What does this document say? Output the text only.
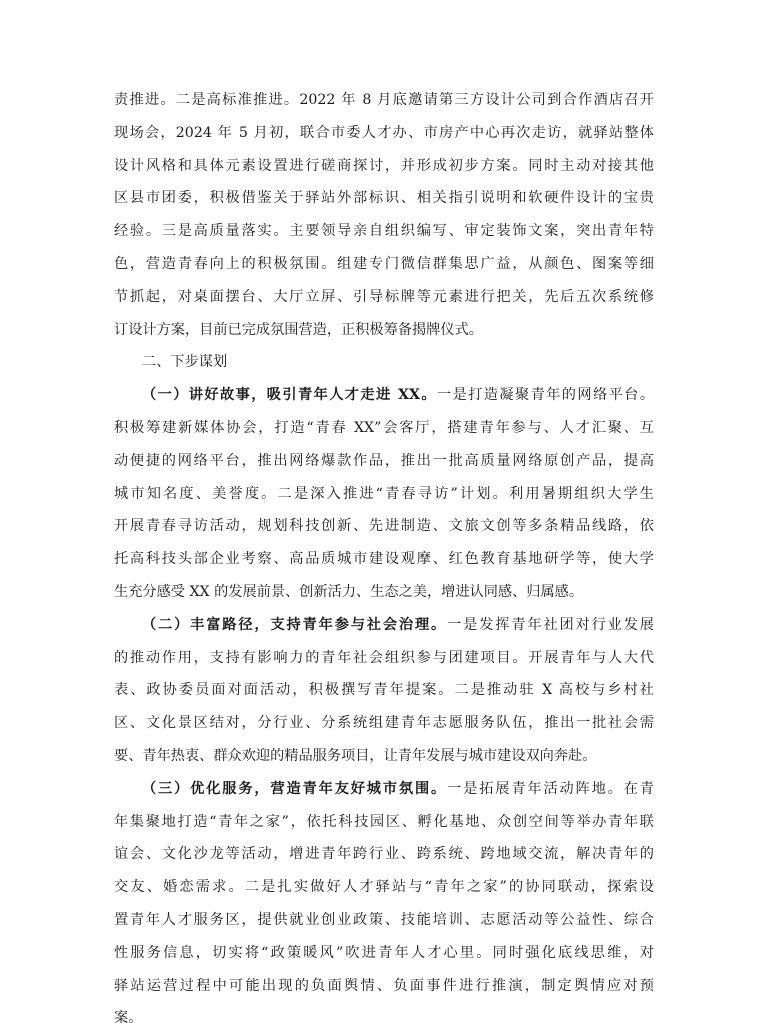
责推进。二是高标准推进。2022 年 8 月底邀请第三方设计公司到合作酒店召开
现场会，2024 年 5 月初，联合市委人才办、市房产中心再次走访，就驿站整体
设计风格和具体元素设置进行磋商探讨，并形成初步方案。同时主动对接其他
区县市团委，积极借鉴关于驿站外部标识、相关指引说明和软硬件设计的宝贵
经验。三是高质量落实。主要领导亲自组织编写、审定装饰文案，突出青年特
色，营造青春向上的积极氛围。组建专门微信群集思广益，从颜色、图案等细
节抓起，对桌面摆台、大厅立屏、引导标牌等元素进行把关，先后五次系统修
订设计方案，目前已完成氛围营造，正积极筹备揭牌仪式。
二、下步谋划
（一）讲好故事，吸引青年人才走进 XX。一是打造凝聚青年的网络平台。
积极筹建新媒体协会，打造“青春 XX”会客厅，搭建青年参与、人才汇聚、互
动便捷的网络平台，推出网络爆款作品，推出一批高质量网络原创产品，提高
城市知名度、美誉度。二是深入推进“青春寻访”计划。利用暑期组织大学生
开展青春寻访活动，规划科技创新、先进制造、文旅文创等多条精品线路，依
托高科技头部企业考察、高品质城市建设观摩、红色教育基地研学等，使大学
生充分感受 XX 的发展前景、创新活力、生态之美，增进认同感、归属感。
（二）丰富路径，支持青年参与社会治理。一是发挥青年社团对行业发展
的推动作用，支持有影响力的青年社会组织参与团建项目。开展青年与人大代
表、政协委员面对面活动，积极撰写青年提案。二是推动驻 X 高校与乡村社
区、文化景区结对，分行业、分系统组建青年志愿服务队伍，推出一批社会需
要、青年热衷、群众欢迎的精品服务项目，让青年发展与城市建设双向奔赴。
（三）优化服务，营造青年友好城市氛围。一是拓展青年活动阵地。在青
年集聚地打造“青年之家”，依托科技园区、孵化基地、众创空间等举办青年联
谊会、文化沙龙等活动，增进青年跨行业、跨系统、跨地域交流，解决青年的
交友、婚恋需求。二是扎实做好人才驿站与“青年之家”的协同联动，探索设
置青年人才服务区，提供就业创业政策、技能培训、志愿活动等公益性、综合
性服务信息，切实将“政策暖风”吹进青年人才心里。同时强化底线思维，对
驿站运营过程中可能出现的负面舆情、负面事件进行推演，制定舆情应对预
案。
